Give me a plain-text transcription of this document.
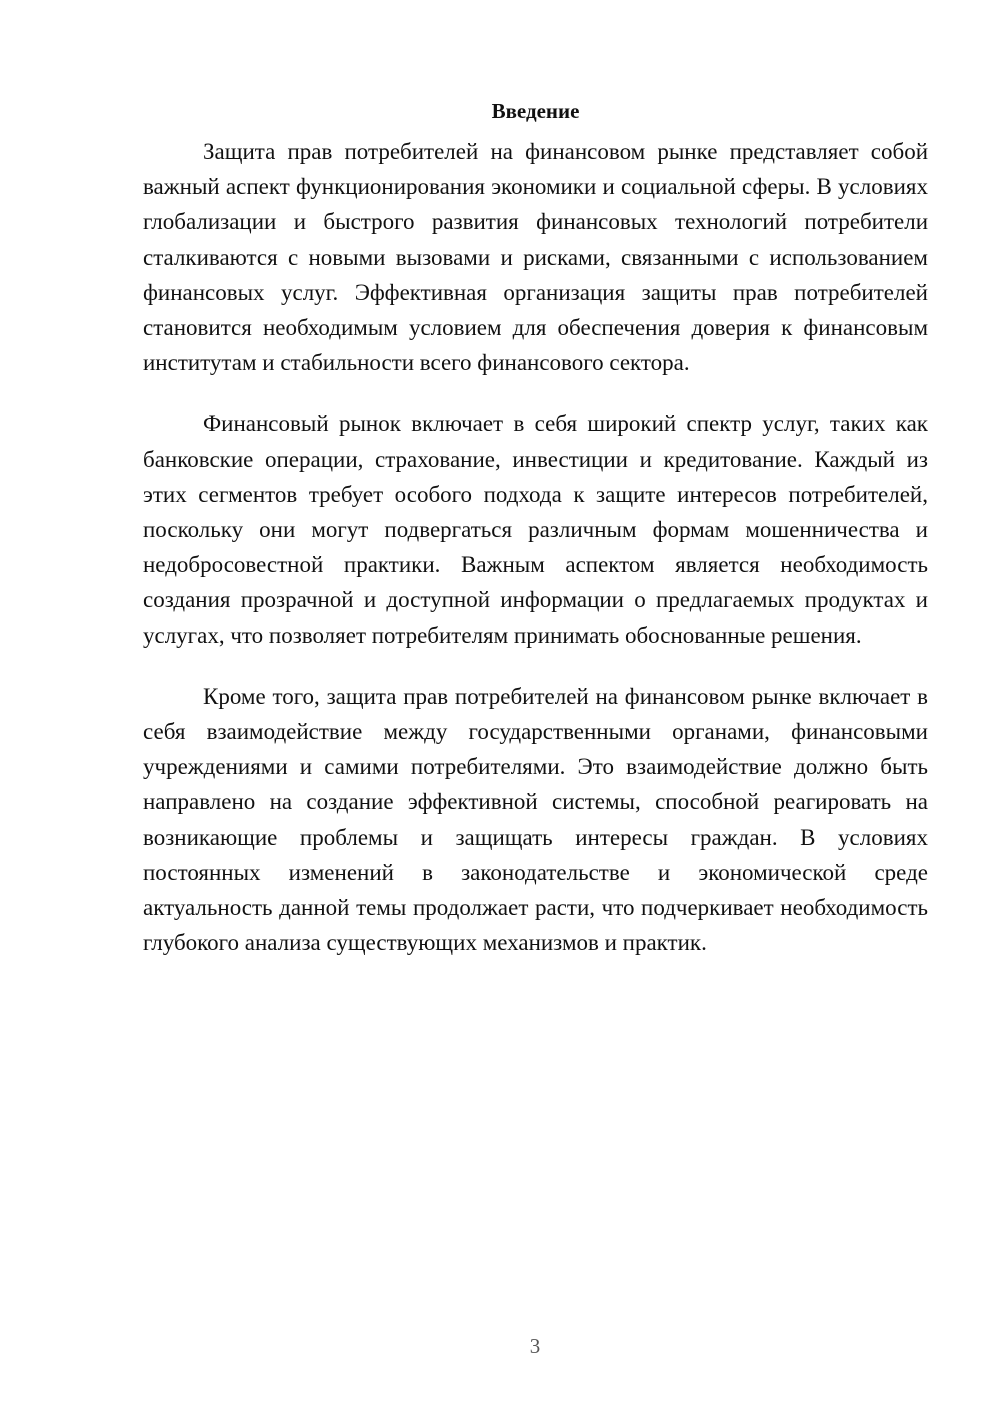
Введение

Защита прав потребителей на финансовом рынке представляет собой важный аспект функционирования экономики и социальной сферы. В условиях глобализации и быстрого развития финансовых технологий потребители сталкиваются с новыми вызовами и рисками, связанными с использованием финансовых услуг. Эффективная организация защиты прав потребителей становится необходимым условием для обеспечения доверия к финансовым институтам и стабильности всего финансового сектора.

Финансовый рынок включает в себя широкий спектр услуг, таких как банковские операции, страхование, инвестиции и кредитование. Каждый из этих сегментов требует особого подхода к защите интересов потребителей, поскольку они могут подвергаться различным формам мошенничества и недобросовестной практики. Важным аспектом является необходимость создания прозрачной и доступной информации о предлагаемых продуктах и услугах, что позволяет потребителям принимать обоснованные решения.

Кроме того, защита прав потребителей на финансовом рынке включает в себя взаимодействие между государственными органами, финансовыми учреждениями и самими потребителями. Это взаимодействие должно быть направлено на создание эффективной системы, способной реагировать на возникающие проблемы и защищать интересы граждан. В условиях постоянных изменений в законодательстве и экономической среде актуальность данной темы продолжает расти, что подчеркивает необходимость глубокого анализа существующих механизмов и практик.

3
